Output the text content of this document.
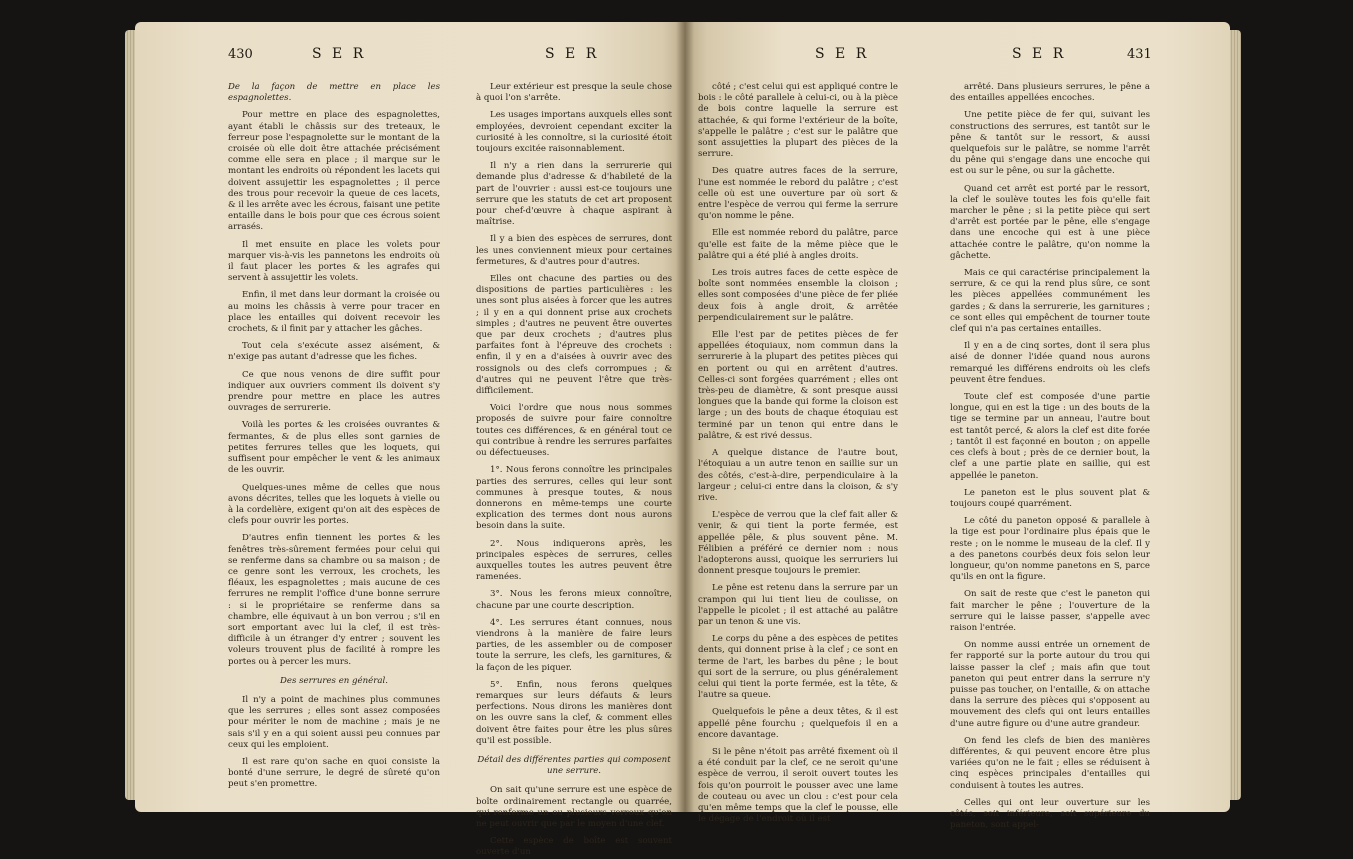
430	S E R	S E R	S E R	S E R	431

De la façon de mettre en place les espagnolettes.

Pour mettre en place des espagnolettes, ayant établi le châssis sur des treteaux, le ferreur pose l'espagnolette sur le montant de la croisée où elle doit être attachée précisément comme elle sera en place ; il marque sur le montant les endroits où répondent les lacets qui doivent assujettir les espagnolettes ; il perce des trous pour recevoir la queue de ces lacets, & il les arrête avec les écrous, faisant une petite entaille dans le bois pour que ces écrous soient arrasés.

Il met ensuite en place les volets pour marquer vis-à-vis les pannetons les endroits où il faut placer les portes & les agrafes qui servent à assujettir les volets.

Enfin, il met dans leur dormant la croisée ou au moins les châssis à verre pour tracer en place les entailles qui doivent recevoir les crochets, & il finit par y attacher les gâches.

Tout cela s'exécute assez aisément, & n'exige pas autant d'adresse que les fiches.

Ce que nous venons de dire suffit pour indiquer aux ouvriers comment ils doivent s'y prendre pour mettre en place les autres ouvrages de serrurerie.

Voilà les portes & les croisées ouvrantes & fermantes, & de plus elles sont garnies de petites ferrures telles que les loquets, qui suffisent pour empêcher le vent & les animaux de les ouvrir.

Quelques-unes même de celles que nous avons décrites, telles que les loquets à vielle ou à la cordelière, exigent qu'on ait des espèces de clefs pour ouvrir les portes.

D'autres enfin tiennent les portes & les fenêtres très-sûrement fermées pour celui qui se renferme dans sa chambre ou sa maison ; de ce genre sont les verroux, les crochets, les fléaux, les espagnolettes ; mais aucune de ces ferrures ne remplit l'office d'une bonne serrure : si le propriétaire se renferme dans sa chambre, elle équivaut à un bon verrou ; s'il en sort emportant avec lui la clef, il est très-difficile à un étranger d'y entrer ; souvent les voleurs trouvent plus de facilité à rompre les portes ou à percer les murs.

Des serrures en général.

Il n'y a point de machines plus communes que les serrures ; elles sont assez composées pour mériter le nom de machine ; mais je ne sais s'il y en a qui soient aussi peu connues par ceux qui les emploient.

Il est rare qu'on sache en quoi consiste la bonté d'une serrure, le degré de sûreté qu'on peut s'en promettre.

Leur extérieur est presque la seule chose à quoi l'on s'arrête.

Les usages importans auxquels elles sont employées, devroient cependant exciter la curiosité à les connoître, si la curiosité étoit toujours excitée raisonnablement.

Il n'y a rien dans la serrurerie qui demande plus d'adresse & d'habileté de la part de l'ouvrier : aussi est-ce toujours une serrure que les statuts de cet art proposent pour chef-d'œuvre à chaque aspirant à maîtrise.

Il y a bien des espèces de serrures, dont les unes conviennent mieux pour certaines fermetures, & d'autres pour d'autres.

Elles ont chacune des parties ou des dispositions de parties particulières : les unes sont plus aisées à forcer que les autres ; il y en a qui donnent prise aux crochets simples ; d'autres ne peuvent être ouvertes que par deux crochets ; d'autres plus parfaites font à l'épreuve des crochets : enfin, il y en a d'aisées à ouvrir avec des rossignols ou des clefs corrompues ; & d'autres qui ne peuvent l'être que très-difficilement.

Voici l'ordre que nous nous sommes proposés de suivre pour faire connoître toutes ces différences, & en général tout ce qui contribue à rendre les serrures parfaites ou défectueuses.

1°. Nous ferons connoître les principales parties des serrures, celles qui leur sont communes à presque toutes, & nous donnerons en même-temps une courte explication des termes dont nous aurons besoin dans la suite.

2°. Nous indiquerons après, les principales espèces de serrures, celles auxquelles toutes les autres peuvent être ramenées.

3°. Nous les ferons mieux connoître, chacune par une courte description.

4°. Les serrures étant connues, nous viendrons à la manière de faire leurs parties, de les assembler ou de composer toute la serrure, les clefs, les garnitures, & la façon de les piquer.

5°. Enfin, nous ferons quelques remarques sur leurs défauts & leurs perfections. Nous dirons les manières dont on les ouvre sans la clef, & comment elles doivent être faites pour être les plus sûres qu'il est possible.

Détail des différentes parties qui composent une serrure.

On sait qu'une serrure est une espèce de boîte ordinairement rectangle ou quarrée, qui renferme un ou plusieurs verroux qu'on ne peut ouvrir que par le moyen d'une clef.

Cette espèce de boîte est souvent ouverte d'un

côté ; c'est celui qui est appliqué contre le bois : le côté parallele à celui-ci, ou à la pièce de bois contre laquelle la serrure est attachée, & qui forme l'extérieur de la boîte, s'appelle le palâtre ; c'est sur le palâtre que sont assujetties la plupart des pièces de la serrure.

Des quatre autres faces de la serrure, l'une est nommée le rebord du palâtre ; c'est celle où est une ouverture par où sort & entre l'espèce de verrou qui ferme la serrure qu'on nomme le pêne.

Elle est nommée rebord du palâtre, parce qu'elle est faite de la même pièce que le palâtre qui a été plié à angles droits.

Les trois autres faces de cette espèce de boîte sont nommées ensemble la cloison ; elles sont composées d'une pièce de fer pliée deux fois à angle droit, & arrêtée perpendiculairement sur le palâtre.

Elle l'est par de petites pièces de fer appellées étoquiaux, nom commun dans la serrurerie à la plupart des petites pièces qui en portent ou qui en arrêtent d'autres. Celles-ci sont forgées quarrément ; elles ont très-peu de diamètre, & sont presque aussi longues que la bande qui forme la cloison est large ; un des bouts de chaque étoquiau est terminé par un tenon qui entre dans le palâtre, & est rivé dessus.

A quelque distance de l'autre bout, l'étoquiau a un autre tenon en saillie sur un des côtés, c'est-à-dire, perpendiculaire à la largeur ; celui-ci entre dans la cloison, & s'y rive.

L'espèce de verrou que la clef fait aller & venir, & qui tient la porte fermée, est appellée pêle, & plus souvent pêne. M. Félibien a préféré ce dernier nom : nous l'adopterons aussi, quoique les serruriers lui donnent presque toujours le premier.

Le pêne est retenu dans la serrure par un crampon qui lui tient lieu de coulisse, on l'appelle le picolet ; il est attaché au palâtre par un tenon & une vis.

Le corps du pêne a des espèces de petites dents, qui donnent prise à la clef ; ce sont en terme de l'art, les barbes du pêne ; le bout qui sort de la serrure, ou plus généralement celui qui tient la porte fermée, est la tête, & l'autre sa queue.

Quelquefois le pêne a deux têtes, & il est appellé pêne fourchu ; quelquefois il en a encore davantage.

Si le pêne n'étoit pas arrêté fixement où il a été conduit par la clef, ce ne seroit qu'une espèce de verrou, il seroit ouvert toutes les fois qu'on pourroit le pousser avec une lame de couteau ou avec un clou : c'est pour cela qu'en même temps que la clef le pousse, elle le dégage de l'endroit où il est

arrêté. Dans plusieurs serrures, le pêne a des entailles appellées encoches.

Une petite pièce de fer qui, suivant les constructions des serrures, est tantôt sur le pêne & tantôt sur le ressort, & aussi quelquefois sur le palâtre, se nomme l'arrêt du pêne qui s'engage dans une encoche qui est ou sur le pêne, ou sur la gâchette.

Quand cet arrêt est porté par le ressort, la clef le soulève toutes les fois qu'elle fait marcher le pêne ; si la petite pièce qui sert d'arrêt est portée par le pêne, elle s'engage dans une encoche qui est à une pièce attachée contre le palâtre, qu'on nomme la gâchette.

Mais ce qui caractérise principalement la serrure, & ce qui la rend plus sûre, ce sont les pièces appellées communément les gardes ; & dans la serrurerie, les garnitures ; ce sont elles qui empêchent de tourner toute clef qui n'a pas certaines entailles.

Il y en a de cinq sortes, dont il sera plus aisé de donner l'idée quand nous aurons remarqué les différens endroits où les clefs peuvent être fendues.

Toute clef est composée d'une partie longue, qui en est la tige : un des bouts de la tige se termine par un anneau, l'autre bout est tantôt percé, & alors la clef est dite forée ; tantôt il est façonné en bouton ; on appelle ces clefs à bout ; près de ce dernier bout, la clef a une partie plate en saillie, qui est appellée le paneton.

Le paneton est le plus souvent plat & toujours coupé quarrément.

Le côté du paneton opposé & parallele à la tige est pour l'ordinaire plus épais que le reste ; on le nomme le museau de la clef. Il y a des panetons courbés deux fois selon leur longueur, qu'on nomme panetons en S, parce qu'ils en ont la figure.

On sait de reste que c'est le paneton qui fait marcher le pêne ; l'ouverture de la serrure qui le laisse passer, s'appelle avec raison l'entrée.

On nomme aussi entrée un ornement de fer rapporté sur la porte autour du trou qui laisse passer la clef ; mais afin que tout paneton qui peut entrer dans la serrure n'y puisse pas toucher, on l'entaille, & on attache dans la serrure des pièces qui s'opposent au mouvement des clefs qui ont leurs entailles d'une autre figure ou d'une autre grandeur.

On fend les clefs de bien des manières différentes, & qui peuvent encore être plus variées qu'on ne le fait ; elles se réduisent à cinq espèces principales d'entailles qui conduisent à toutes les autres.

Celles qui ont leur ouverture sur les côtés, soit inférieure, soit supérieure du paneton, sont appel-
